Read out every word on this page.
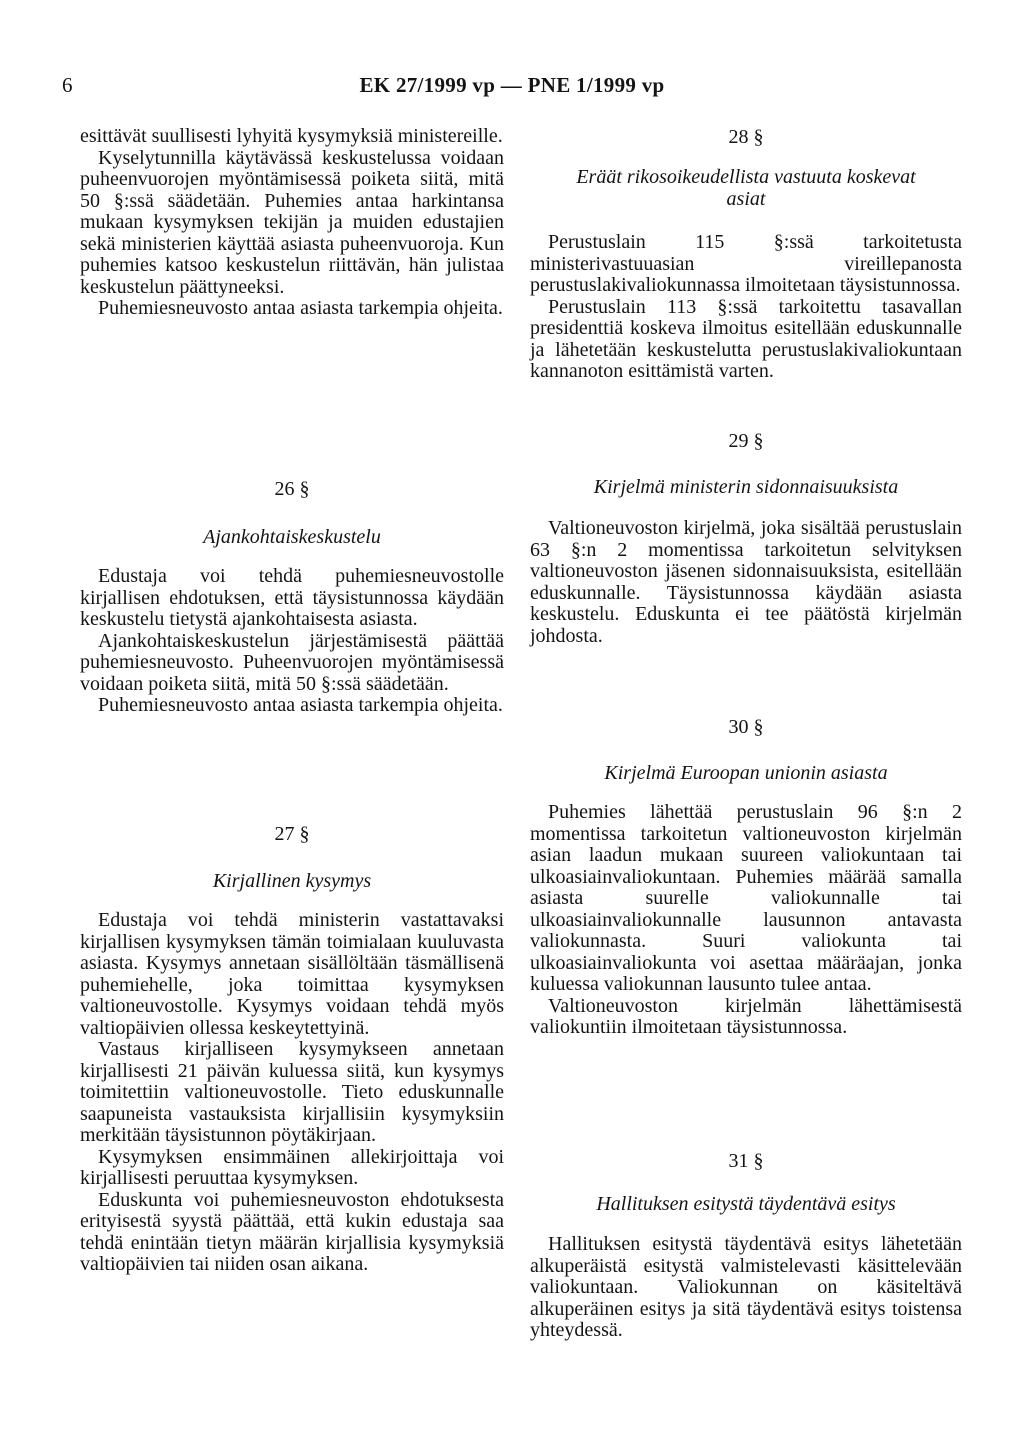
6	EK 27/1999 vp — PNE 1/1999 vp

esittävät suullisesti lyhyitä kysymyksiä ministereille.

Kyselytunnilla käytävässä keskustelussa voidaan puheenvuorojen myöntämisessä poiketa siitä, mitä 50 §:ssä säädetään. Puhemies antaa harkintansa mukaan kysymyksen tekijän ja muiden edustajien sekä ministerien käyttää asiasta puheenvuoroja. Kun puhemies katsoo keskustelun riittävän, hän julistaa keskustelun päättyneeksi.

Puhemiesneuvosto antaa asiasta tarkempia ohjeita.

26 §

Ajankohtaiskeskustelu

Edustaja voi tehdä puhemiesneuvostolle kirjallisen ehdotuksen, että täysistunnossa käydään keskustelu tietystä ajankohtaisesta asiasta.

Ajankohtaiskeskustelun järjestämisestä päättää puhemiesneuvosto. Puheenvuorojen myöntämisessä voidaan poiketa siitä, mitä 50 §:ssä säädetään.

Puhemiesneuvosto antaa asiasta tarkempia ohjeita.

27 §

Kirjallinen kysymys

Edustaja voi tehdä ministerin vastattavaksi kirjallisen kysymyksen tämän toimialaan kuuluvasta asiasta. Kysymys annetaan sisällöltään täsmällisenä puhemiehelle, joka toimittaa kysymyksen valtioneuvostolle. Kysymys voidaan tehdä myös valtiopäivien ollessa keskeytettyinä.

Vastaus kirjalliseen kysymykseen annetaan kirjallisesti 21 päivän kuluessa siitä, kun kysymys toimitettiin valtioneuvostolle. Tieto eduskunnalle saapuneista vastauksista kirjallisiin kysymyksiin merkitään täysistunnon pöytäkirjaan.

Kysymyksen ensimmäinen allekirjoittaja voi kirjallisesti peruuttaa kysymyksen.

Eduskunta voi puhemiesneuvoston ehdotuksesta erityisestä syystä päättää, että kukin edustaja saa tehdä enintään tietyn määrän kirjallisia kysymyksiä valtiopäivien tai niiden osan aikana.

28 §

Eräät rikosoikeudellista vastuuta koskevat asiat

Perustuslain 115 §:ssä tarkoitetusta ministerivastuuasian vireillepanosta perustuslakivaliokunnassa ilmoitetaan täysistunnossa.

Perustuslain 113 §:ssä tarkoitettu tasavallan presidenttiä koskeva ilmoitus esitellään eduskunnalle ja lähetetään keskustelutta perustuslakivaliokuntaan kannanoton esittämistä varten.

29 §

Kirjelmä ministerin sidonnaisuuksista

Valtioneuvoston kirjelmä, joka sisältää perustuslain 63 §:n 2 momentissa tarkoitetun selvityksen valtioneuvoston jäsenen sidonnaisuuksista, esitellään eduskunnalle. Täysistunnossa käydään asiasta keskustelu. Eduskunta ei tee päätöstä kirjelmän johdosta.

30 §

Kirjelmä Euroopan unionin asiasta

Puhemies lähettää perustuslain 96 §:n 2 momentissa tarkoitetun valtioneuvoston kirjelmän asian laadun mukaan suureen valiokuntaan tai ulkoasiainvaliokuntaan. Puhemies määrää samalla asiasta suurelle valiokunnalle tai ulkoasiainvaliokunnalle lausunnon antavasta valiokunnasta. Suuri valiokunta tai ulkoasiainvaliokunta voi asettaa määräajan, jonka kuluessa valiokunnan lausunto tulee antaa.

Valtioneuvoston kirjelmän lähettämisestä valiokuntiin ilmoitetaan täysistunnossa.

31 §

Hallituksen esitystä täydentävä esitys

Hallituksen esitystä täydentävä esitys lähetetään alkuperäistä esitystä valmistelevasti käsittelevään valiokuntaan. Valiokunnan on käsiteltävä alkuperäinen esitys ja sitä täydentävä esitys toistensa yhteydessä.
